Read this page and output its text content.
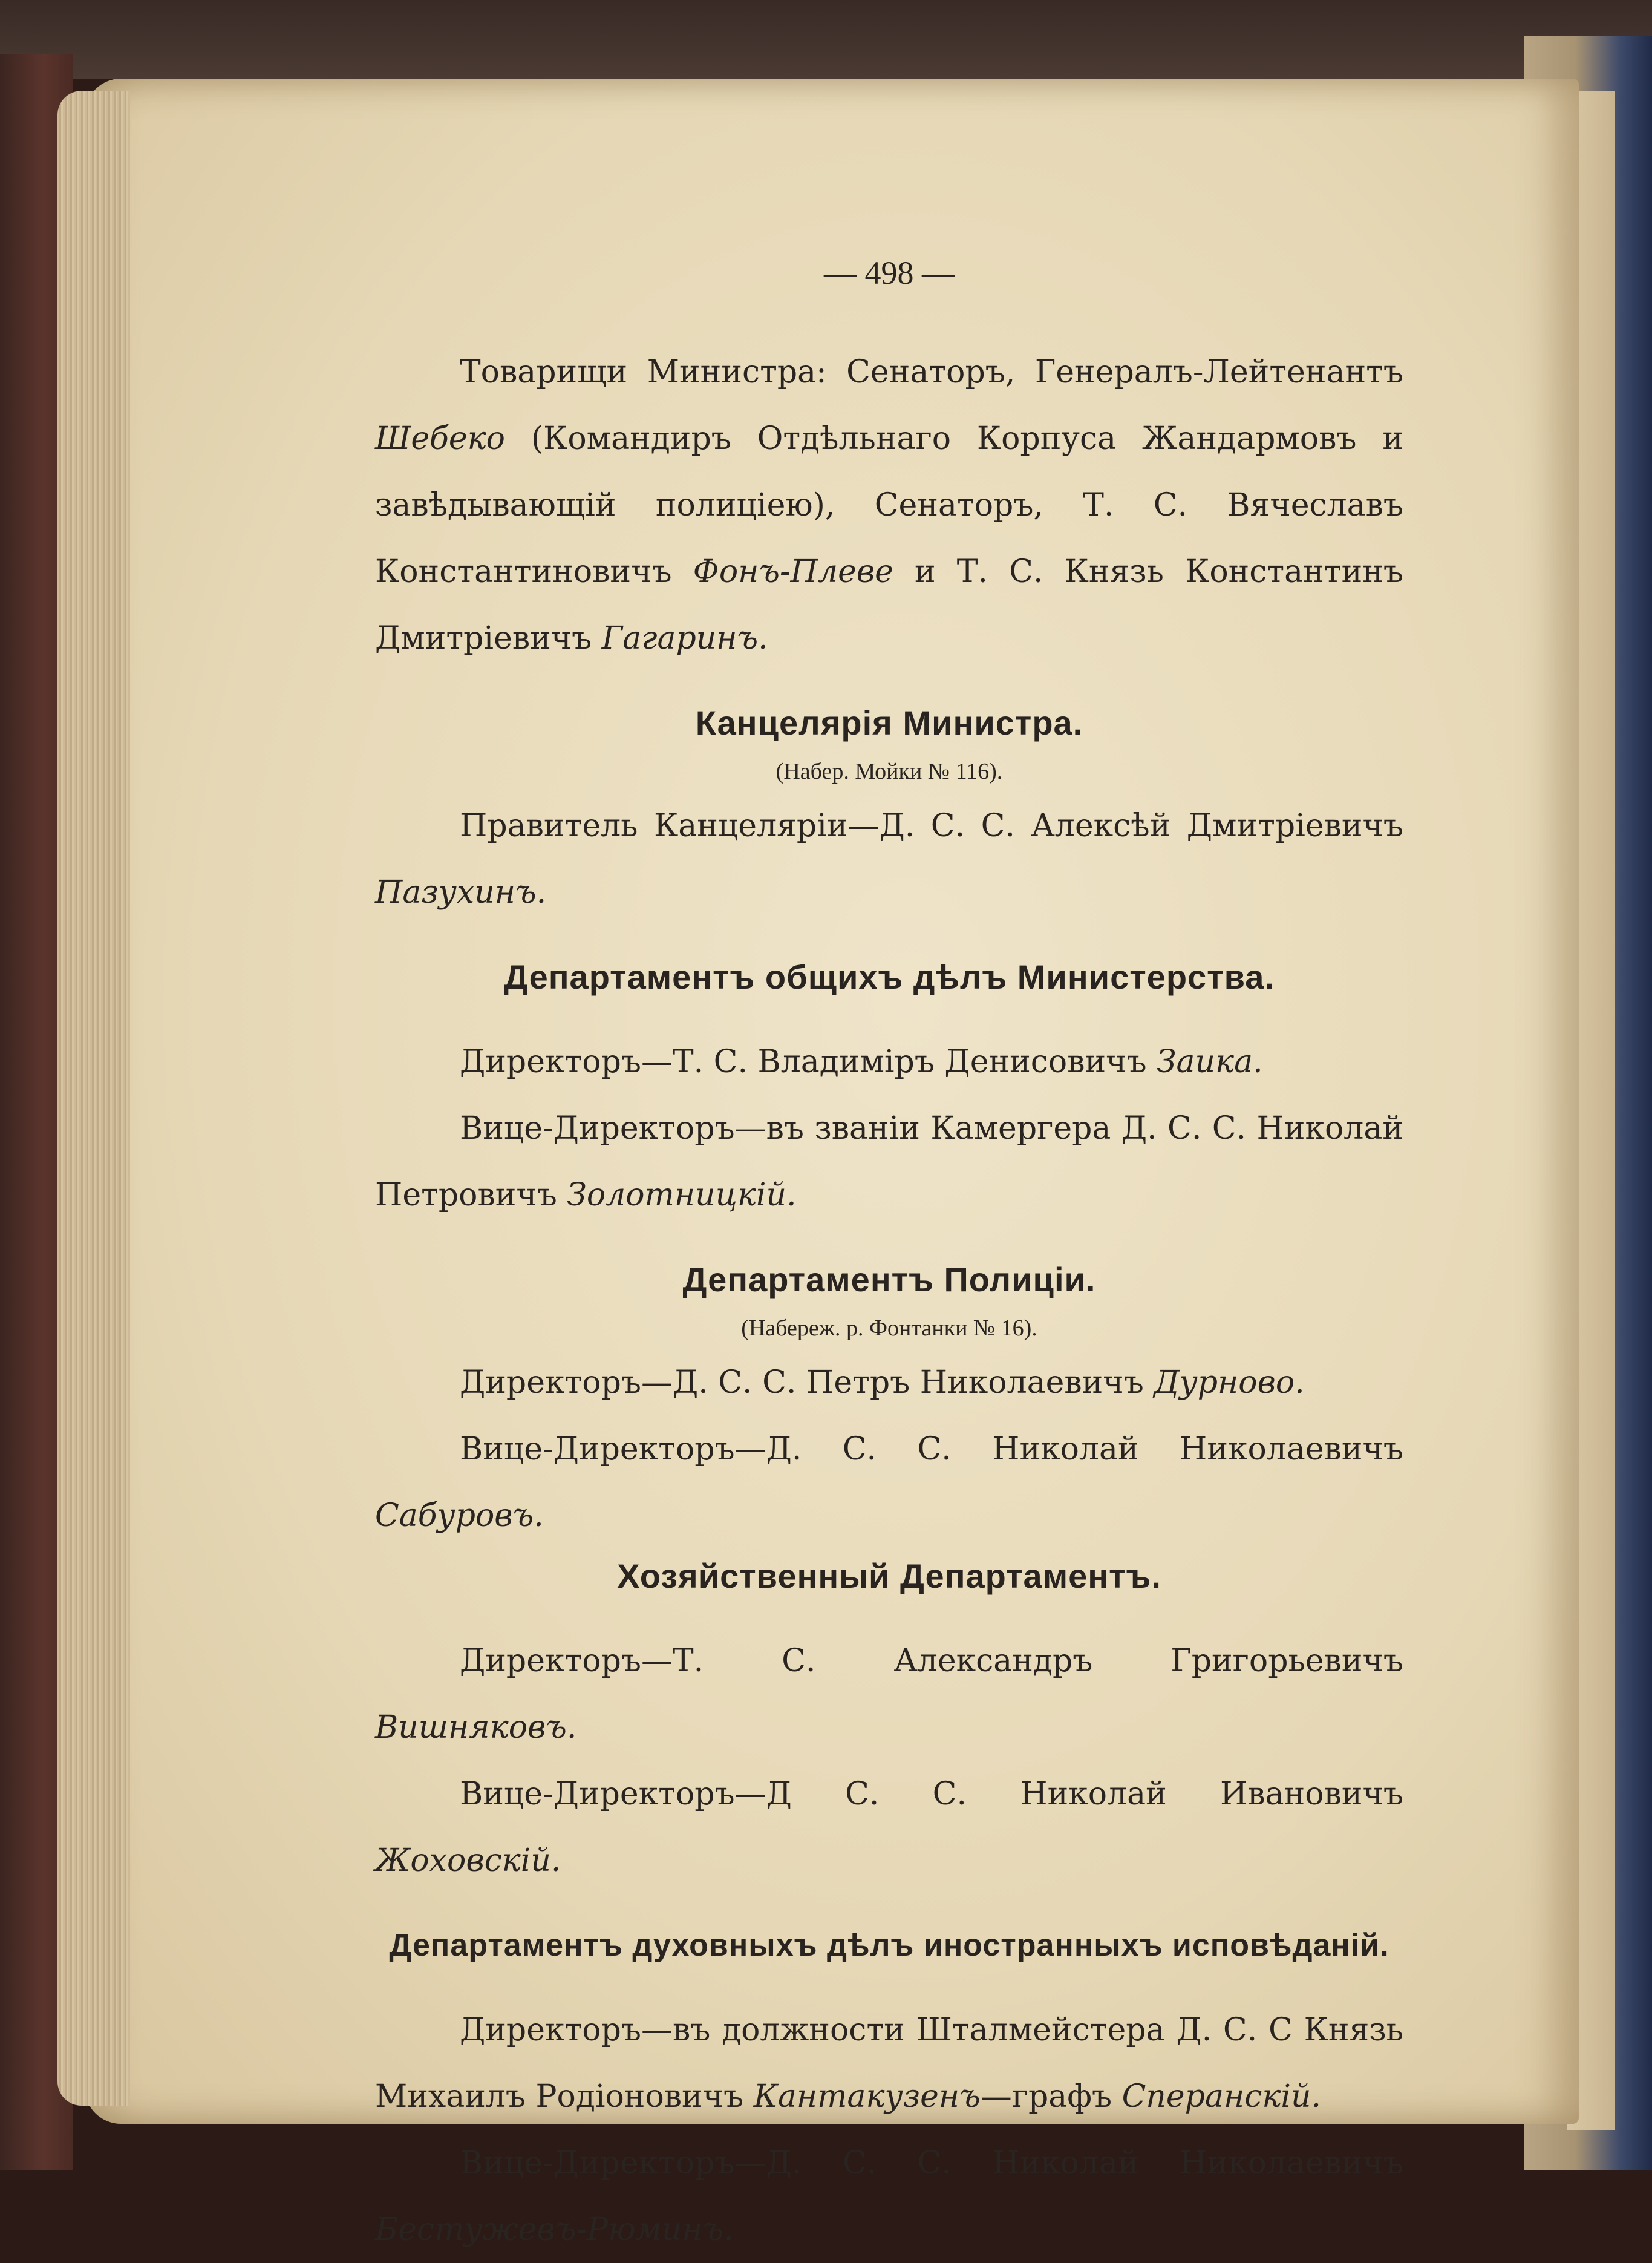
— 498 —

Товарищи Министра: Сенаторъ, Генералъ-Лейтенантъ Шебеко (Командиръ Отдѣльнаго Корпуса Жандармовъ и завѣдывающій полиціею), Сенаторъ, Т. С. Вячеславъ Константиновичъ Фонъ-Плеве и Т. С. Князь Константинъ Дмитріевичъ Гагаринъ.

Канцелярія Министра.
(Набер. Мойки № 116).

Правитель Канцеляріи—Д. С. С. Алексѣй Дмитріевичъ Пазухинъ.

Департаментъ общихъ дѣлъ Министерства.

Директоръ—Т. С. Владиміръ Денисовичъ Заика.

Вице-Директоръ—въ званіи Камергера Д. С. С. Николай Петровичъ Золотницкій.

Департаментъ Полиціи.
(Набереж. р. Фонтанки № 16).

Директоръ—Д. С. С. Петръ Николаевичъ Дурново.

Вице-Директоръ—Д. С. С. Николай Николаевичъ Сабуровъ.

Хозяйственный Департаментъ.

Директоръ—Т. С. Александръ Григорьевичъ Вишняковъ.

Вице-Директоръ—Д С. С. Николай Ивановичъ Жоховскій.

Департаментъ духовныхъ дѣлъ иностранныхъ исповѣданій.

Директоръ—въ должности Шталмейстера Д. С. С Князь Михаилъ Родіоновичъ Кантакузенъ—графъ Сперанскій.

Вице-Директоръ—Д. С. С. Николай Николаевичъ Бестужевъ-Рюминъ.
